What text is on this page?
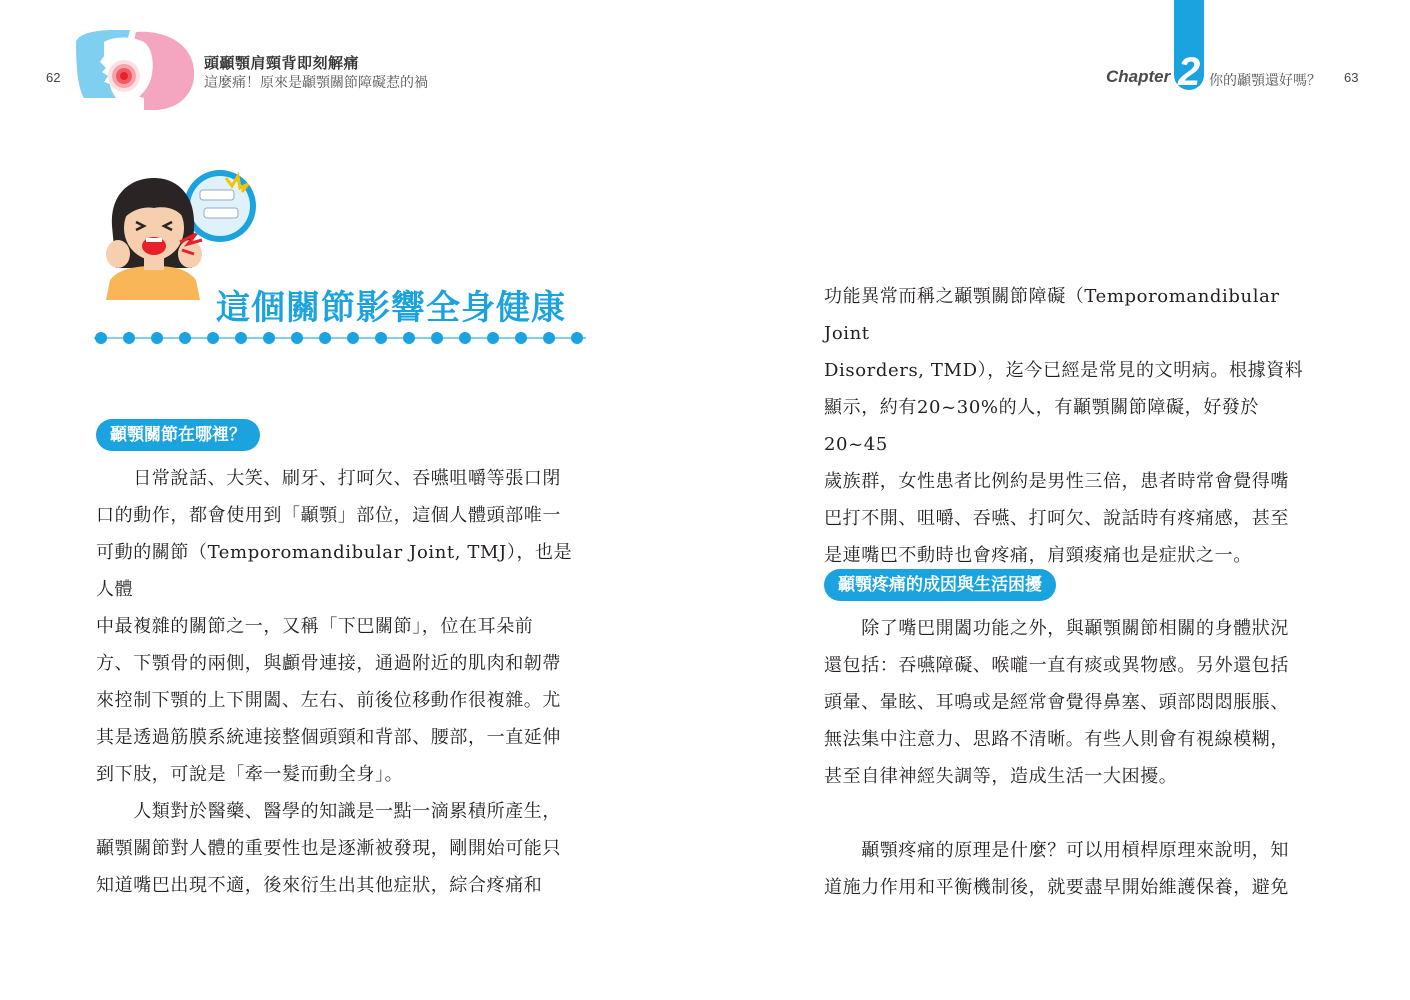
62
頭顳顎肩頸背即刻解痛
這麼痛！原來是顳顎關節障礙惹的禍	Chapter 2 你的顳顎還好嗎？ 63
這個關節影響全身健康
顳顎關節在哪裡？

　　日常說話、大笑、刷牙、打呵欠、吞嚥咀嚼等張口閉

口的動作，都會使用到「顳顎」部位，這個人體頭部唯一

可動的關節（Temporomandibular Joint, TMJ），也是人體

中最複雜的關節之一，又稱「下巴關節」，位在耳朵前

方、下顎骨的兩側，與顱骨連接，通過附近的肌肉和韌帶

來控制下顎的上下開闔、左右、前後位移動作很複雜。尤

其是透過筋膜系統連接整個頭頸和背部、腰部，一直延伸

到下肢，可說是「牽一髮而動全身」。

　　人類對於醫藥、醫學的知識是一點一滴累積所產生，

顳顎關節對人體的重要性也是逐漸被發現，剛開始可能只

知道嘴巴出現不適，後來衍生出其他症狀，綜合疼痛和

功能異常而稱之顳顎關節障礙（Temporomandibular Joint

Disorders, TMD），迄今已經是常見的文明病。根據資料

顯示，約有20~30%的人，有顳顎關節障礙，好發於20~45

歲族群，女性患者比例約是男性三倍，患者時常會覺得嘴

巴打不開、咀嚼、吞嚥、打呵欠、說話時有疼痛感，甚至

是連嘴巴不動時也會疼痛，肩頸痠痛也是症狀之一。

顳顎疼痛的成因與生活困擾

　　除了嘴巴開闔功能之外，與顳顎關節相關的身體狀況

還包括：吞嚥障礙、喉嚨一直有痰或異物感。另外還包括

頭暈、暈眩、耳鳴或是經常會覺得鼻塞、頭部悶悶脹脹、

無法集中注意力、思路不清晰。有些人則會有視線模糊，

甚至自律神經失調等，造成生活一大困擾。

　　顳顎疼痛的原理是什麼？可以用槓桿原理來說明，知

道施力作用和平衡機制後，就要盡早開始維護保養，避免
